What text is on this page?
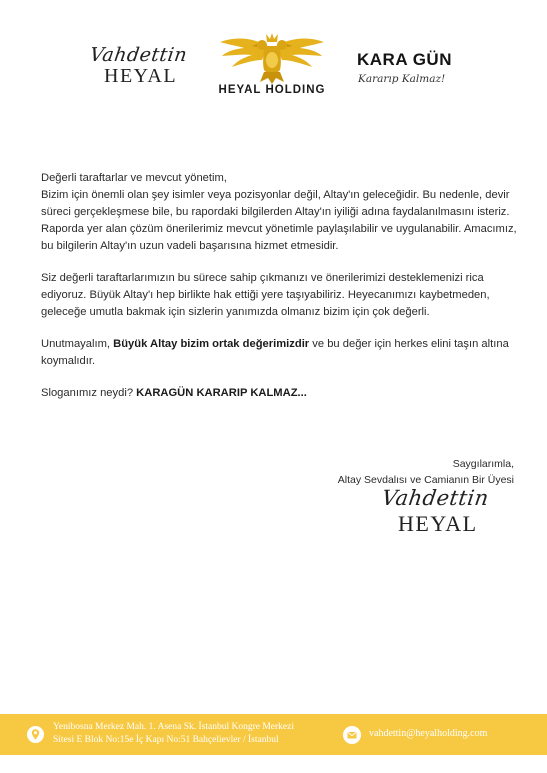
Vahdettin
HEYAL
HEYAL HOLDING
KARA GÜN
Kararıp Kalmaz!

Değerli taraftarlar ve mevcut yönetim,
Bizim için önemli olan şey isimler veya pozisyonlar değil, Altay'ın geleceğidir. Bu nedenle, devir süreci gerçekleşmese bile, bu rapordaki bilgilerden Altay'ın iyiliği adına faydalanılmasını isteriz. Raporda yer alan çözüm önerilerimiz mevcut yönetimle paylaşılabilir ve uygulanabilir. Amacımız, bu bilgilerin Altay'ın uzun vadeli başarısına hizmet etmesidir.

Siz değerli taraftarlarımızın bu sürece sahip çıkmanızı ve önerilerimizi desteklemenizi rica ediyoruz. Büyük Altay'ı hep birlikte hak ettiği yere taşıyabiliriz. Heyecanımızı kaybetmeden, geleceğe umutla bakmak için sizlerin yanımızda olmanız bizim için çok değerli.

Unutmayalım, Büyük Altay bizim ortak değerimizdir ve bu değer için herkes elini taşın altına koymalıdır.

Sloganımız neydi? KARAGÜN KARARIP KALMAZ...

Saygılarımla,
Altay Sevdalısı ve Camianın Bir Üyesi
Vahdettin
HEYAL
Yenibosna Merkez Mah. 1. Asena Sk. İstanbul Kongre Merkezi
Sitesi E Blok No:15e İç Kapı No:51 Bahçelievler / İstanbul
vahdettin@heyalholding.com
